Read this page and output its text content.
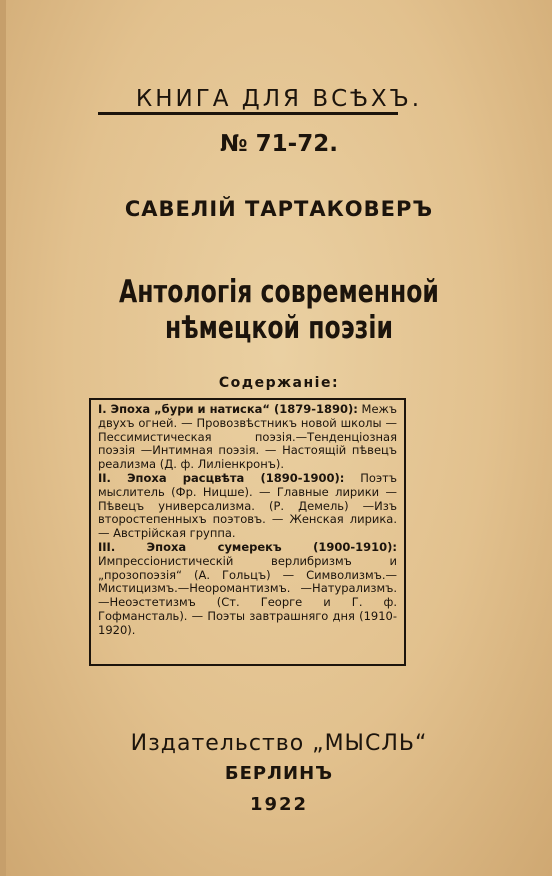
КНИГА ДЛЯ ВСѢХЪ.
№ 71-72.
САВЕЛІЙ ТАРТАКОВЕРЪ
Антологія современной нѣмецкой поэзіи
Содержаніе:

I. Эпоха „бури и натиска“ (1879-1890): Межъ двухъ огней. — Провозвѣстникъ новой школы — Пессимистическая поэзія.—Тенденціозная поэзія —Интимная поэзія. — Настоящій пѣвецъ реализма (Д. ф. Лиліенкронъ).

II. Эпоха расцвѣта (1890-1900): Поэтъ мыслитель (Фр. Ницше). — Главные лирики — Пѣвецъ универсализма. (Р. Демель) —Изъ второстепенныхъ поэтовъ. — Женская лирика. — Австрійская группа.

III. Эпоха сумерекъ (1900-1910): Импрессіонистическій верлибризмъ и „прозопоэзія“ (А. Гольцъ) — Символизмъ.—Мистицизмъ.—Неоромантизмъ. —Натурализмъ.—Неоэстетизмъ (Ст. Георге и Г. ф. Гофмансталь). — Поэты завтрашняго дня (1910-1920).

Издательство „МЫСЛЬ“
БЕРЛИНЪ
1922
